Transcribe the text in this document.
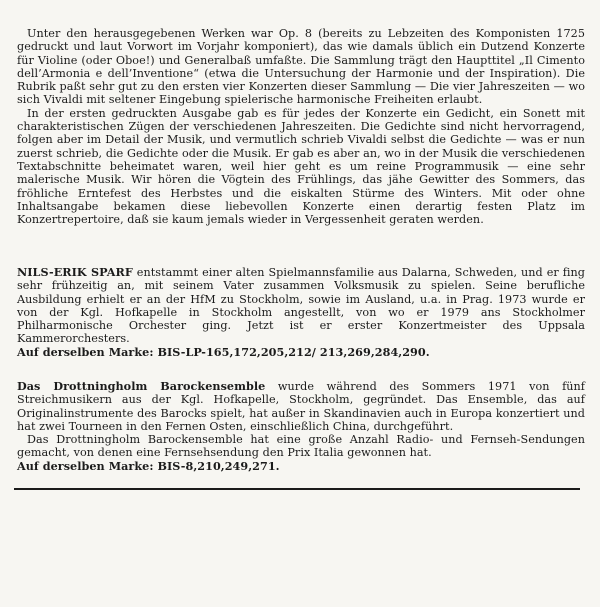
Unter den herausgegebenen Werken war Op. 8 (bereits zu Lebzeiten des Komponisten 1725 gedruckt und laut Vorwort im Vorjahr komponiert), das wie damals üblich ein Dutzend Konzerte für Violine (oder Oboe!) und Generalbaß umfaßte. Die Sammlung trägt den Haupttitel „Il Cimento dell’Armonia e dell’Inventione“ (etwa die Untersuchung der Harmonie und der Inspiration). Die Rubrik paßt sehr gut zu den ersten vier Konzerten dieser Sammlung — Die vier Jahreszeiten — wo sich Vivaldi mit seltener Eingebung spielerische harmonische Freiheiten erlaubt.

In der ersten gedruckten Ausgabe gab es für jedes der Konzerte ein Gedicht, ein Sonett mit charakteristischen Zügen der verschiedenen Jahreszeiten. Die Gedichte sind nicht hervorragend, folgen aber im Detail der Musik, und vermutlich schrieb Vivaldi selbst die Gedichte — was er nun zuerst schrieb, die Gedichte oder die Musik. Er gab es aber an, wo in der Musik die verschiedenen Textabschnitte beheimatet waren, weil hier geht es um reine Programmusik — eine sehr malerische Musik. Wir hören die Vögtein des Frühlings, das jähe Gewitter des Sommers, das fröhliche Erntefest des Herbstes und die eiskalten Stürme des Winters. Mit oder ohne Inhaltsangabe bekamen diese liebevollen Konzerte einen derartig festen Platz im Konzertrepertoire, daß sie kaum jemals wieder in Vergessenheit geraten werden.

NILS-ERIK SPARF entstammt einer alten Spielmannsfamilie aus Dalarna, Schweden, und er fing sehr frühzeitig an, mit seinem Vater zusammen Volksmusik zu spielen. Seine berufliche Ausbildung erhielt er an der HfM zu Stockholm, sowie im Ausland, u.a. in Prag. 1973 wurde er von der Kgl. Hofkapelle in Stockholm angestellt, von wo er 1979 ans Stockholmer Philharmonische Orchester ging. Jetzt ist er erster Konzertmeister des Uppsala Kammerorchesters.

Auf derselben Marke: BIS-LP-165,172,205,212/ 213,269,284,290.

Das Drottningholm Barockensemble wurde während des Sommers 1971 von fünf Streichmusikern aus der Kgl. Hofkapelle, Stockholm, gegründet. Das Ensemble, das auf Originalinstrumente des Barocks spielt, hat außer in Skandinavien auch in Europa konzertiert und hat zwei Tourneen in den Fernen Osten, einschließlich China, durchgeführt.

Das Drottningholm Barockensemble hat eine große Anzahl Radio- und Fernseh-Sendungen gemacht, von denen eine Fernsehsendung den Prix Italia gewonnen hat.

Auf derselben Marke: BIS-8,210,249,271.
